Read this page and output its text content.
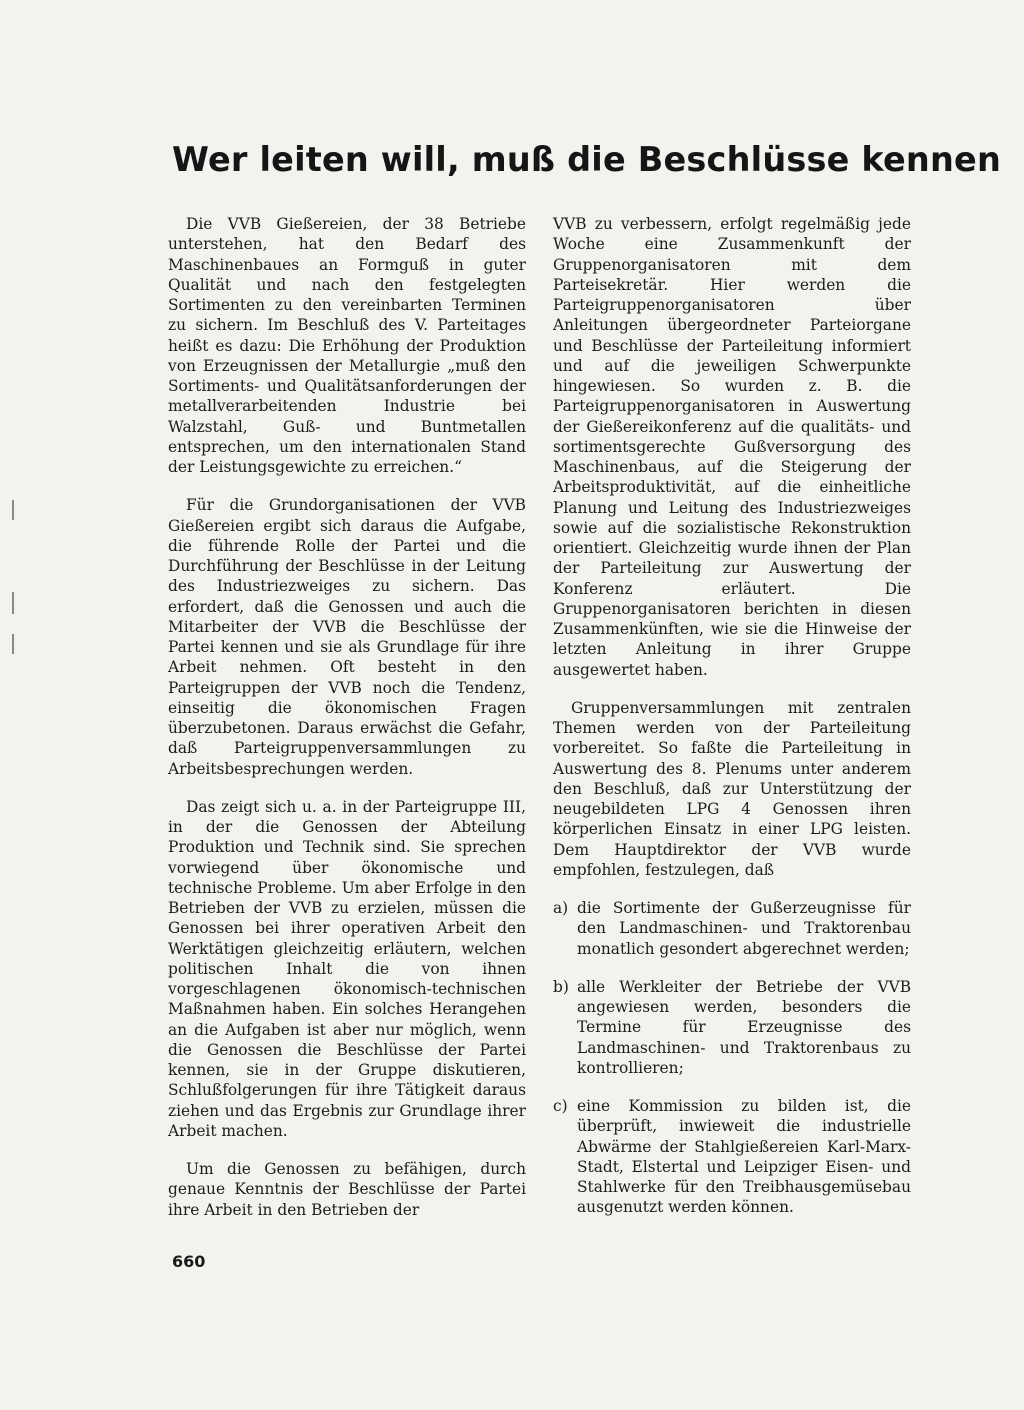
Wer leiten will, muß die Beschlüsse kennen

Die VVB Gießereien, der 38 Betriebe unterstehen, hat den Bedarf des Maschinenbaues an Formguß in guter Qualität und nach den festgelegten Sortimenten zu den vereinbarten Terminen zu sichern. Im Beschluß des V. Parteitages heißt es dazu: Die Erhöhung der Produktion von Erzeugnissen der Metallurgie „muß den Sortiments- und Qualitätsanforderungen der metallverarbeitenden Industrie bei Walzstahl, Guß- und Buntmetallen entsprechen, um den internationalen Stand der Leistungsgewichte zu erreichen.“

Für die Grundorganisationen der VVB Gießereien ergibt sich daraus die Aufgabe, die führende Rolle der Partei und die Durchführung der Beschlüsse in der Leitung des Industriezweiges zu sichern. Das erfordert, daß die Genossen und auch die Mitarbeiter der VVB die Beschlüsse der Partei kennen und sie als Grundlage für ihre Arbeit nehmen. Oft besteht in den Parteigruppen der VVB noch die Tendenz, einseitig die ökonomischen Fragen überzubetonen. Daraus erwächst die Gefahr, daß Parteigruppenversammlungen zu Arbeitsbesprechungen werden.

Das zeigt sich u. a. in der Parteigruppe III, in der die Genossen der Abteilung Produktion und Technik sind. Sie sprechen vorwiegend über ökonomische und technische Probleme. Um aber Erfolge in den Betrieben der VVB zu erzielen, müssen die Genossen bei ihrer operativen Arbeit den Werktätigen gleichzeitig erläutern, welchen politischen Inhalt die von ihnen vorgeschlagenen ökonomisch-technischen Maßnahmen haben. Ein solches Herangehen an die Aufgaben ist aber nur möglich, wenn die Genossen die Beschlüsse der Partei kennen, sie in der Gruppe diskutieren, Schlußfolgerungen für ihre Tätigkeit daraus ziehen und das Ergebnis zur Grundlage ihrer Arbeit machen.

Um die Genossen zu befähigen, durch genaue Kenntnis der Beschlüsse der Partei ihre Arbeit in den Betrieben der

VVB zu verbessern, erfolgt regelmäßig jede Woche eine Zusammenkunft der Gruppenorganisatoren mit dem Parteisekretär. Hier werden die Parteigruppenorganisatoren über Anleitungen übergeordneter Parteiorgane und Beschlüsse der Parteileitung informiert und auf die jeweiligen Schwerpunkte hingewiesen. So wurden z. B. die Parteigruppenorganisatoren in Auswertung der Gießereikonferenz auf die qualitäts- und sortimentsgerechte Gußversorgung des Maschinenbaus, auf die Steigerung der Arbeitsproduktivität, auf die einheitliche Planung und Leitung des Industriezweiges sowie auf die sozialistische Rekonstruktion orientiert. Gleichzeitig wurde ihnen der Plan der Parteileitung zur Auswertung der Konferenz erläutert. Die Gruppenorganisatoren berichten in diesen Zusammenkünften, wie sie die Hinweise der letzten Anleitung in ihrer Gruppe ausgewertet haben.

Gruppenversammlungen mit zentralen Themen werden von der Parteileitung vorbereitet. So faßte die Parteileitung in Auswertung des 8. Plenums unter anderem den Beschluß, daß zur Unterstützung der neugebildeten LPG 4 Genossen ihren körperlichen Einsatz in einer LPG leisten. Dem Hauptdirektor der VVB wurde empfohlen, festzulegen, daß

a) die Sortimente der Gußerzeugnisse für den Landmaschinen- und Traktorenbau monatlich gesondert abgerechnet werden;
b) alle Werkleiter der Betriebe der VVB angewiesen werden, besonders die Termine für Erzeugnisse des Landmaschinen- und Traktorenbaus zu kontrollieren;
c) eine Kommission zu bilden ist, die überprüft, inwieweit die industrielle Abwärme der Stahlgießereien Karl-Marx-Stadt, Elstertal und Leipziger Eisen- und Stahlwerke für den Treibhausgemüsebau ausgenutzt werden können.
660
